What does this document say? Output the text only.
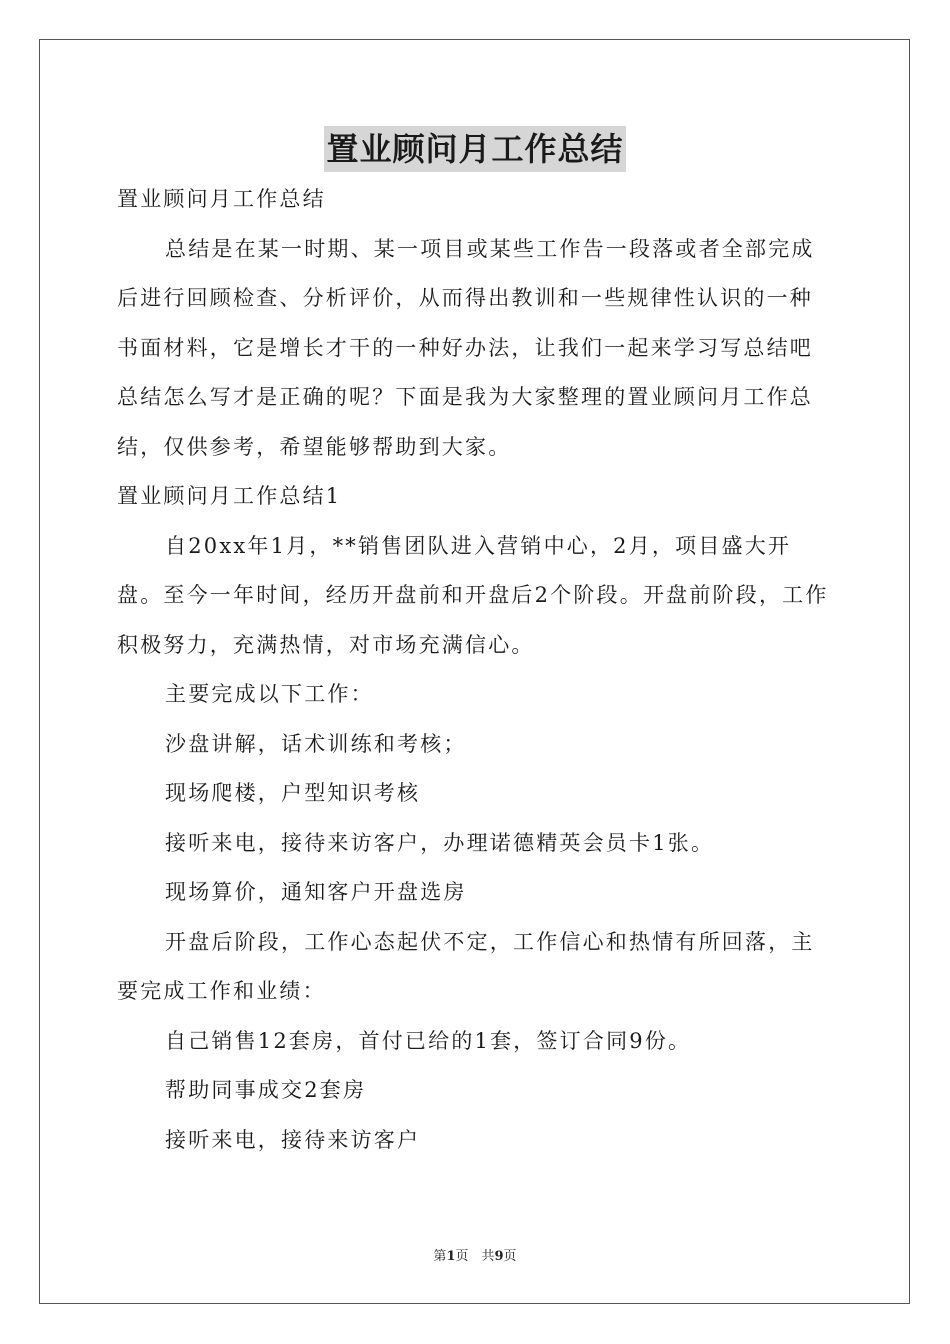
置业顾问月工作总结

置业顾问月工作总结

总结是在某一时期、某一项目或某些工作告一段落或者全部完成后进行回顾检查、分析评价，从而得出教训和一些规律性认识的一种书面材料，它是增长才干的一种好办法，让我们一起来学习写总结吧总结怎么写才是正确的呢？下面是我为大家整理的置业顾问月工作总结，仅供参考，希望能够帮助到大家。

置业顾问月工作总结1

自20xx年1月，**销售团队进入营销中心，2月，项目盛大开盘。至今一年时间，经历开盘前和开盘后2个阶段。开盘前阶段，工作积极努力，充满热情，对市场充满信心。

主要完成以下工作：

沙盘讲解，话术训练和考核；

现场爬楼，户型知识考核

接听来电，接待来访客户，办理诺德精英会员卡1张。

现场算价，通知客户开盘选房

开盘后阶段，工作心态起伏不定，工作信心和热情有所回落，主要完成工作和业绩：

自己销售12套房，首付已给的1套，签订合同9份。

帮助同事成交2套房

接听来电，接待来访客户

第1页　共9页
